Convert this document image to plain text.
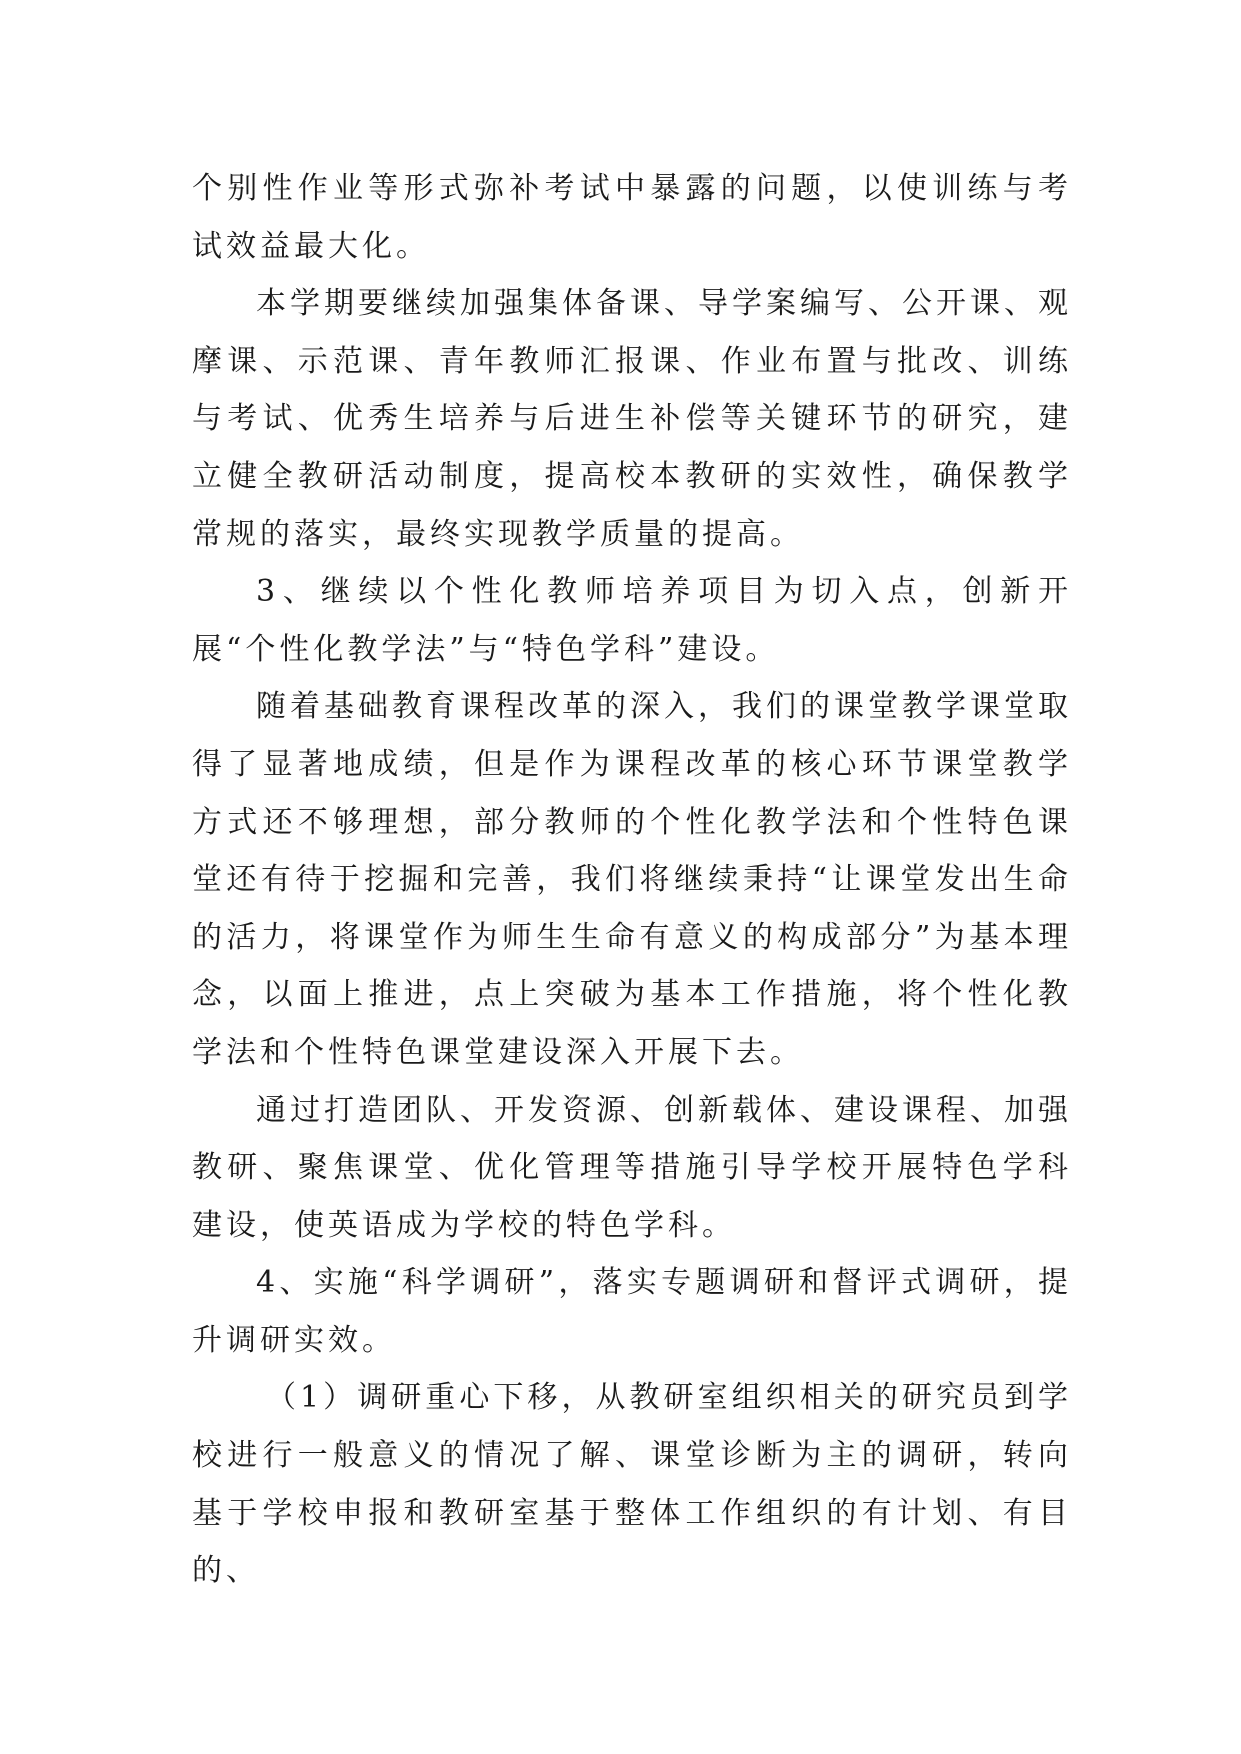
个别性作业等形式弥补考试中暴露的问题，以使训练与考试效益最大化。

本学期要继续加强集体备课、导学案编写、公开课、观摩课、示范课、青年教师汇报课、作业布置与批改、训练与考试、优秀生培养与后进生补偿等关键环节的研究，建立健全教研活动制度，提高校本教研的实效性，确保教学常规的落实，最终实现教学质量的提高。

3、继续以个性化教师培养项目为切入点，创新开展“个性化教学法”与“特色学科”建设。

随着基础教育课程改革的深入，我们的课堂教学课堂取得了显著地成绩，但是作为课程改革的核心环节课堂教学方式还不够理想，部分教师的个性化教学法和个性特色课堂还有待于挖掘和完善，我们将继续秉持“让课堂发出生命的活力，将课堂作为师生生命有意义的构成部分”为基本理念，以面上推进，点上突破为基本工作措施，将个性化教学法和个性特色课堂建设深入开展下去。

通过打造团队、开发资源、创新载体、建设课程、加强教研、聚焦课堂、优化管理等措施引导学校开展特色学科建设，使英语成为学校的特色学科。

4、实施“科学调研”，落实专题调研和督评式调研，提升调研实效。

（1）调研重心下移，从教研室组织相关的研究员到学校进行一般意义的情况了解、课堂诊断为主的调研，转向基于学校申报和教研室基于整体工作组织的有计划、有目的、
